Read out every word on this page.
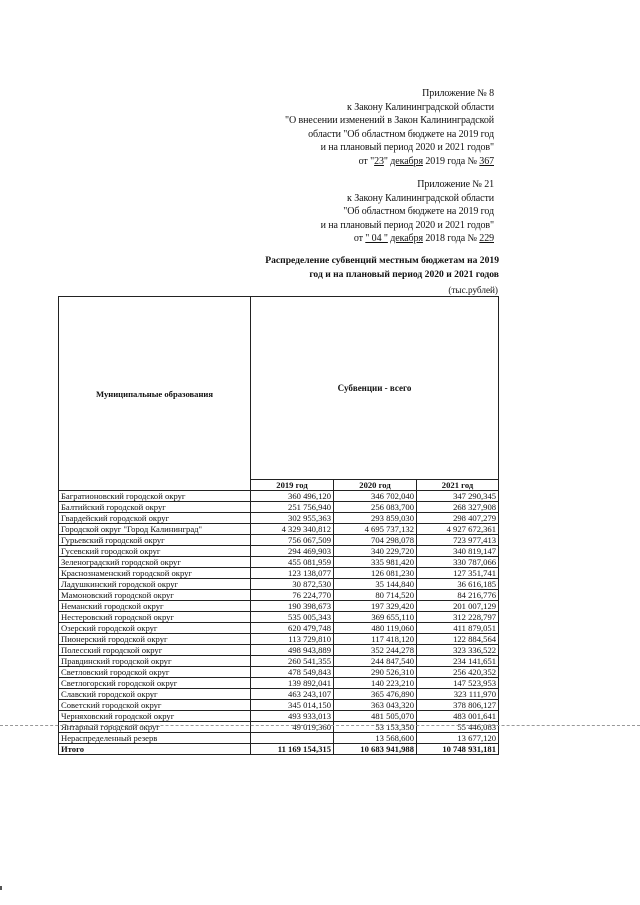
Приложение № 8
к Закону Калининградской области
"О внесении изменений в Закон Калининградской
области "Об областном бюджете на 2019 год
и на плановый период 2020 и 2021 годов"
от "23" декабря 2019 года № 367
Приложение № 21
к Закону Калининградской области
"Об областном бюджете на 2019 год
и на плановый период 2020 и 2021 годов"
от " 04 " декабря 2018 года № 229
Распределение субвенций местным бюджетам на 2019
год и на плановый период 2020 и 2021 годов
(тыс.рублей)
Муниципальные образования	Субвенции - всего		
	2019 год	2020 год	2021 год
Багратионовский городской округ	360 496,120	346 702,040	347 290,345
Балтийский городской округ	251 756,940	256 083,700	268 327,908
Гвардейский городской округ	302 955,363	293 859,030	298 407,279
Городской округ "Город Калининград"	4 329 340,812	4 695 737,132	4 927 672,361
Гурьевский городской округ	756 067,509	704 298,078	723 977,413
Гусевский городской округ	294 469,903	340 229,720	340 819,147
Зеленоградский городской округ	455 081,959	335 981,420	330 787,066
Краснознаменский городской округ	123 138,077	126 081,230	127 351,741
Ладушкинский городской округ	30 872,530	35 144,840	36 616,185
Мамоновский городской округ	76 224,770	80 714,520	84 216,776
Неманский городской округ	190 398,673	197 329,420	201 007,129
Нестеровский городской округ	535 005,343	369 655,110	312 228,797
Озерский городской округ	620 479,748	480 119,060	411 879,051
Пионерский городской округ	113 729,810	117 418,120	122 884,564
Полесский городской округ	498 943,889	352 244,278	323 336,522
Правдинский городской округ	260 541,355	244 847,540	234 141,651
Светловский городской округ	478 549,843	290 526,310	256 420,352
Светлогорский городской округ	139 892,041	140 223,210	147 523,953
Славский городской округ	463 243,107	365 476,890	323 111,970
Советский городской округ	345 014,150	363 043,320	378 806,127
Черняховский городской округ	493 933,013	481 505,070	483 001,641
Янтарный городской округ	49 019,360	53 153,350	55 446,083
Нераспределенный резерв		13 568,600	13 677,120
Итого	11 169 154,315	10 683 941,988	10 748 931,181
